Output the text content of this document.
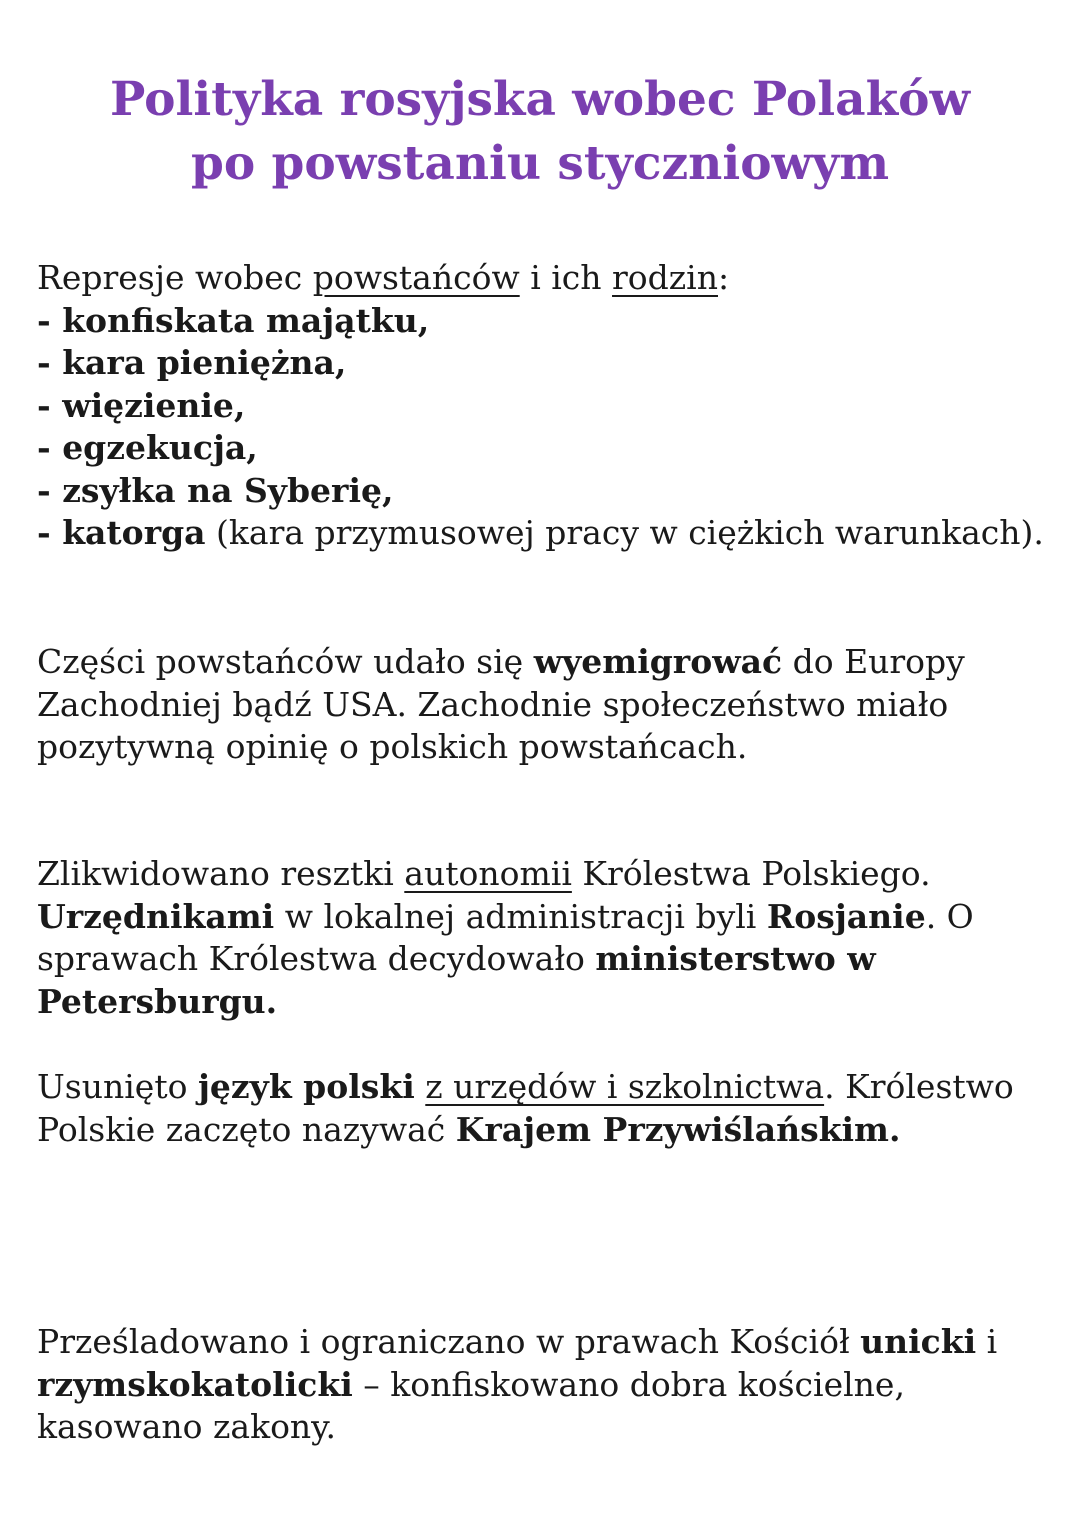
Polityka rosyjska wobec Polaków
po powstaniu styczniowym

Represje wobec powstańców i ich rodzin:

- konfiskata majątku,
- kara pieniężna,
- więzienie,
- egzekucja,
- zsyłka na Syberię,

- katorga (kara przymusowej pracy w ciężkich warunkach).

Części powstańców udało się wyemigrować do Europy Zachodniej bądź USA. Zachodnie społeczeństwo miało pozytywną opinię o polskich powstańcach.

Zlikwidowano resztki autonomii Królestwa Polskiego. Urzędnikami w lokalnej administracji byli Rosjanie. O sprawach Królestwa decydowało ministerstwo w Petersburgu.

Usunięto język polski z urzędów i szkolnictwa. Królestwo Polskie zaczęto nazywać Krajem Przywiślańskim.

Prześladowano i ograniczano w prawach Kościół unicki i rzymskokatolicki – konfiskowano dobra kościelne, kasowano zakony.
